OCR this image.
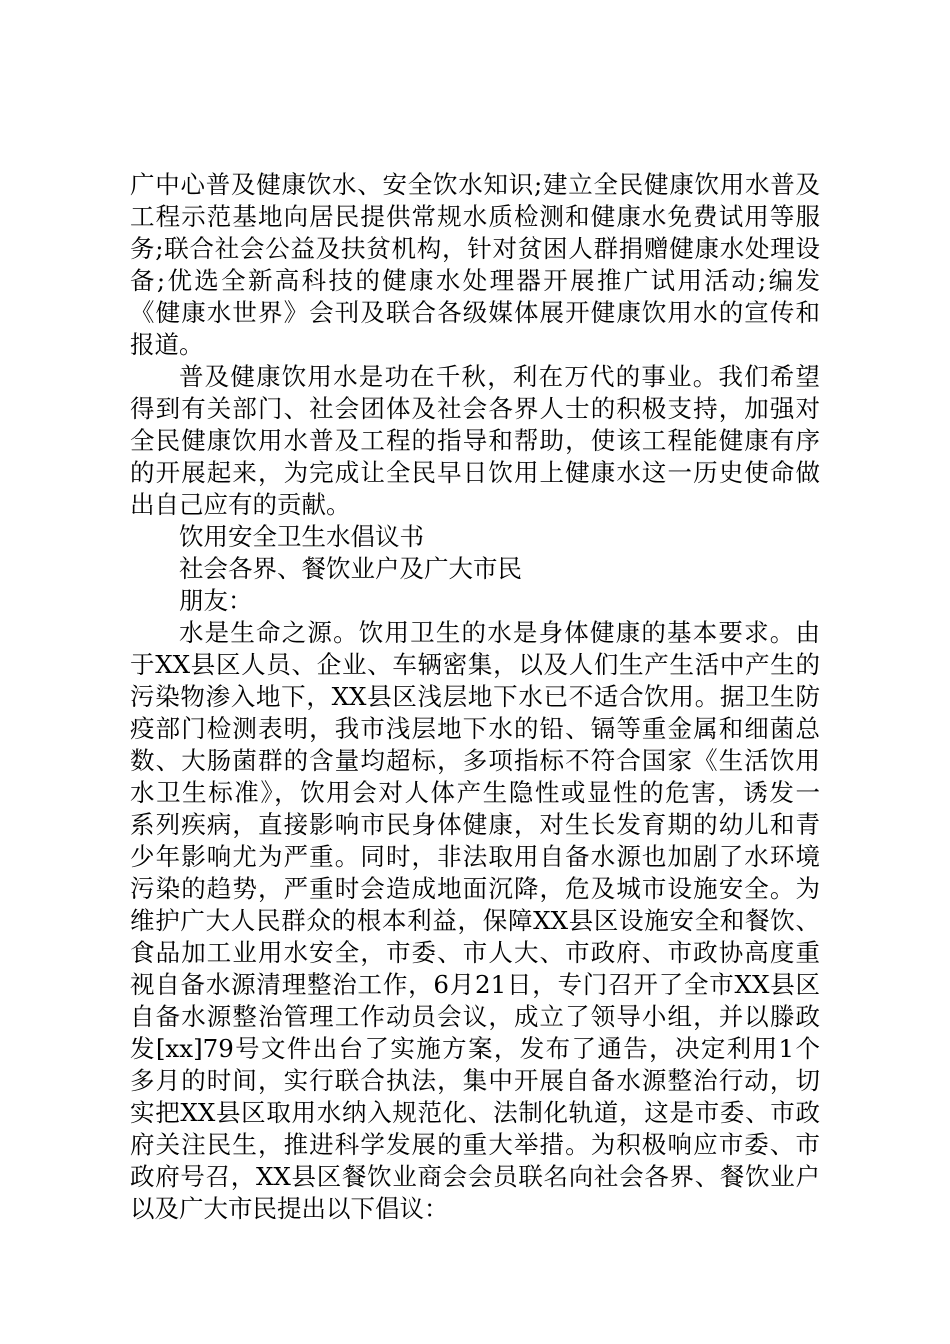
广中心普及健康饮水、安全饮水知识;建立全民健康饮用水普及
工程示范基地向居民提供常规水质检测和健康水免费试用等服
务;联合社会公益及扶贫机构，针对贫困人群捐赠健康水处理设
备;优选全新高科技的健康水处理器开展推广试用活动;编发
《健康水世界》会刊及联合各级媒体展开健康饮用水的宣传和
报道。
普及健康饮用水是功在千秋，利在万代的事业。我们希望
得到有关部门、社会团体及社会各界人士的积极支持，加强对
全民健康饮用水普及工程的指导和帮助，使该工程能健康有序
的开展起来，为完成让全民早日饮用上健康水这一历史使命做
出自己应有的贡献。
饮用安全卫生水倡议书
社会各界、餐饮业户及广大市民
朋友：
水是生命之源。饮用卫生的水是身体健康的基本要求。由
于XX县区人员、企业、车辆密集，以及人们生产生活中产生的
污染物渗入地下，XX县区浅层地下水已不适合饮用。据卫生防
疫部门检测表明，我市浅层地下水的铅、镉等重金属和细菌总
数、大肠菌群的含量均超标，多项指标不符合国家《生活饮用
水卫生标准》，饮用会对人体产生隐性或显性的危害，诱发一
系列疾病，直接影响市民身体健康，对生长发育期的幼儿和青
少年影响尤为严重。同时，非法取用自备水源也加剧了水环境
污染的趋势，严重时会造成地面沉降，危及城市设施安全。为
维护广大人民群众的根本利益，保障XX县区设施安全和餐饮、
食品加工业用水安全，市委、市人大、市政府、市政协高度重
视自备水源清理整治工作，6月21日，专门召开了全市XX县区
自备水源整治管理工作动员会议，成立了领导小组，并以滕政
发[xx]79号文件出台了实施方案，发布了通告，决定利用1个
多月的时间，实行联合执法，集中开展自备水源整治行动，切
实把XX县区取用水纳入规范化、法制化轨道，这是市委、市政
府关注民生，推进科学发展的重大举措。为积极响应市委、市
政府号召，XX县区餐饮业商会会员联名向社会各界、餐饮业户
以及广大市民提出以下倡议：
